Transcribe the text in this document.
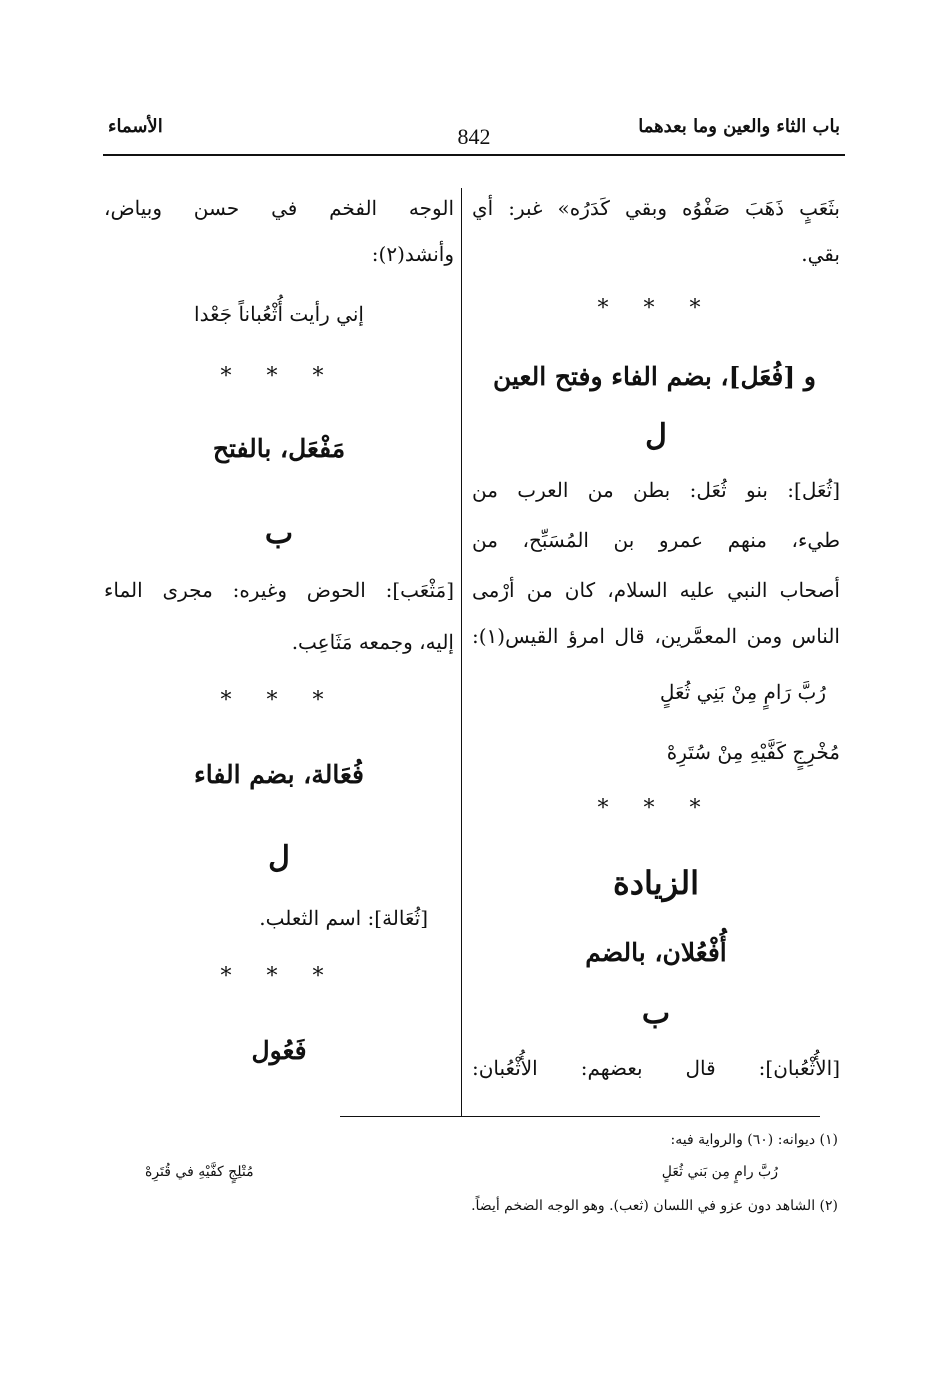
باب الثاء والعين وما بعدهما
842
الأسماء
بثَعَبٍ ذَهَبَ صَفْوُه وبقي كَدَرُه» غبر: أي
بقي.
* * *
و [فُعَل]، بضم الفاء وفتح العين
ل
[ثُعَل]: بنو ثُعَل: بطن من العرب من
طيء، منهم عمرو بن المُسَبِّح، من
أصحاب النبي عليه السلام، كان من أرْمى
الناس ومن المعمَّرين، قال امرؤ القيس(١):
رُبَّ رَامٍ مِنْ بَنِي ثُعَلٍ
مُخْرِجٍ كَفَّيْهِ مِنْ سُتَرِهْ
* * *
الزيادة
أُفْعُلان، بالضم
ب
[الأُثْعُبان]: قال بعضهم: الأُثْعُبان:
الوجه الفخم في حسن وبياض،
وأنشد(٢):
إني رأيت أُثْعُباناً جَعْدا
* * *
مَفْعَل، بالفتح
ب
[مَثْعَب]: الحوض وغيره: مجرى الماء
إليه، وجمعه مَثَاعِب.
* * *
فُعَالة، بضم الفاء
ل
[ثُعَالة]: اسم الثعلب.
* * *
فَعُول
(١) ديوانه: (٦٠) والرواية فيه:
رُبَّ رامٍ مِن بَني ثُعَلٍ
مُتْلِجٍ كفَّيْهِ في قُتَرِهْ
(٢) الشاهد دون عزو في اللسان (ثعب). وهو الوجه الضخم أيضاً.
